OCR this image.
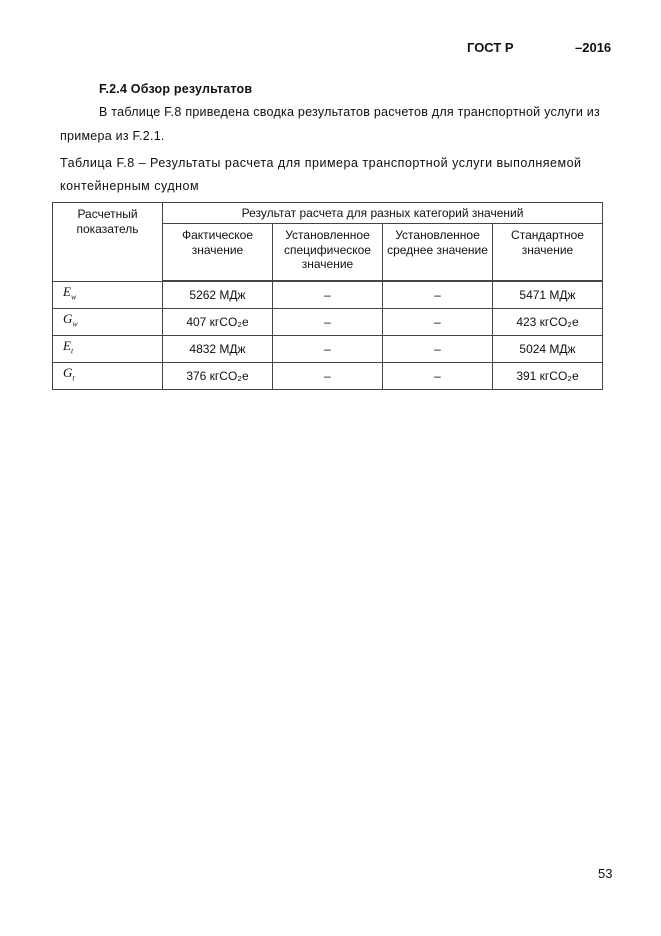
ГОСТ Р	–2016
F.2.4 Обзор результатов
В таблице F.8 приведена сводка результатов расчетов для транспортной услуги из примера из F.2.1.
Таблица F.8 – Результаты расчета для примера транспортной услуги выполняемой контейнерным судном
Расчетный показатель	Результат расчета для разных категорий значений			
	Фактическое значение	Установленное специфическое значение	Установленное среднее значение	Стандартное значение
$E_w$	5262 МДж	–	–	5471 МДж
$G_w$	407 кгCO₂e	–	–	423 кгCO₂e
$E_t$	4832 МДж	–	–	5024 МДж
$G_t$	376 кгCO₂e	–	–	391 кгCO₂e
53
